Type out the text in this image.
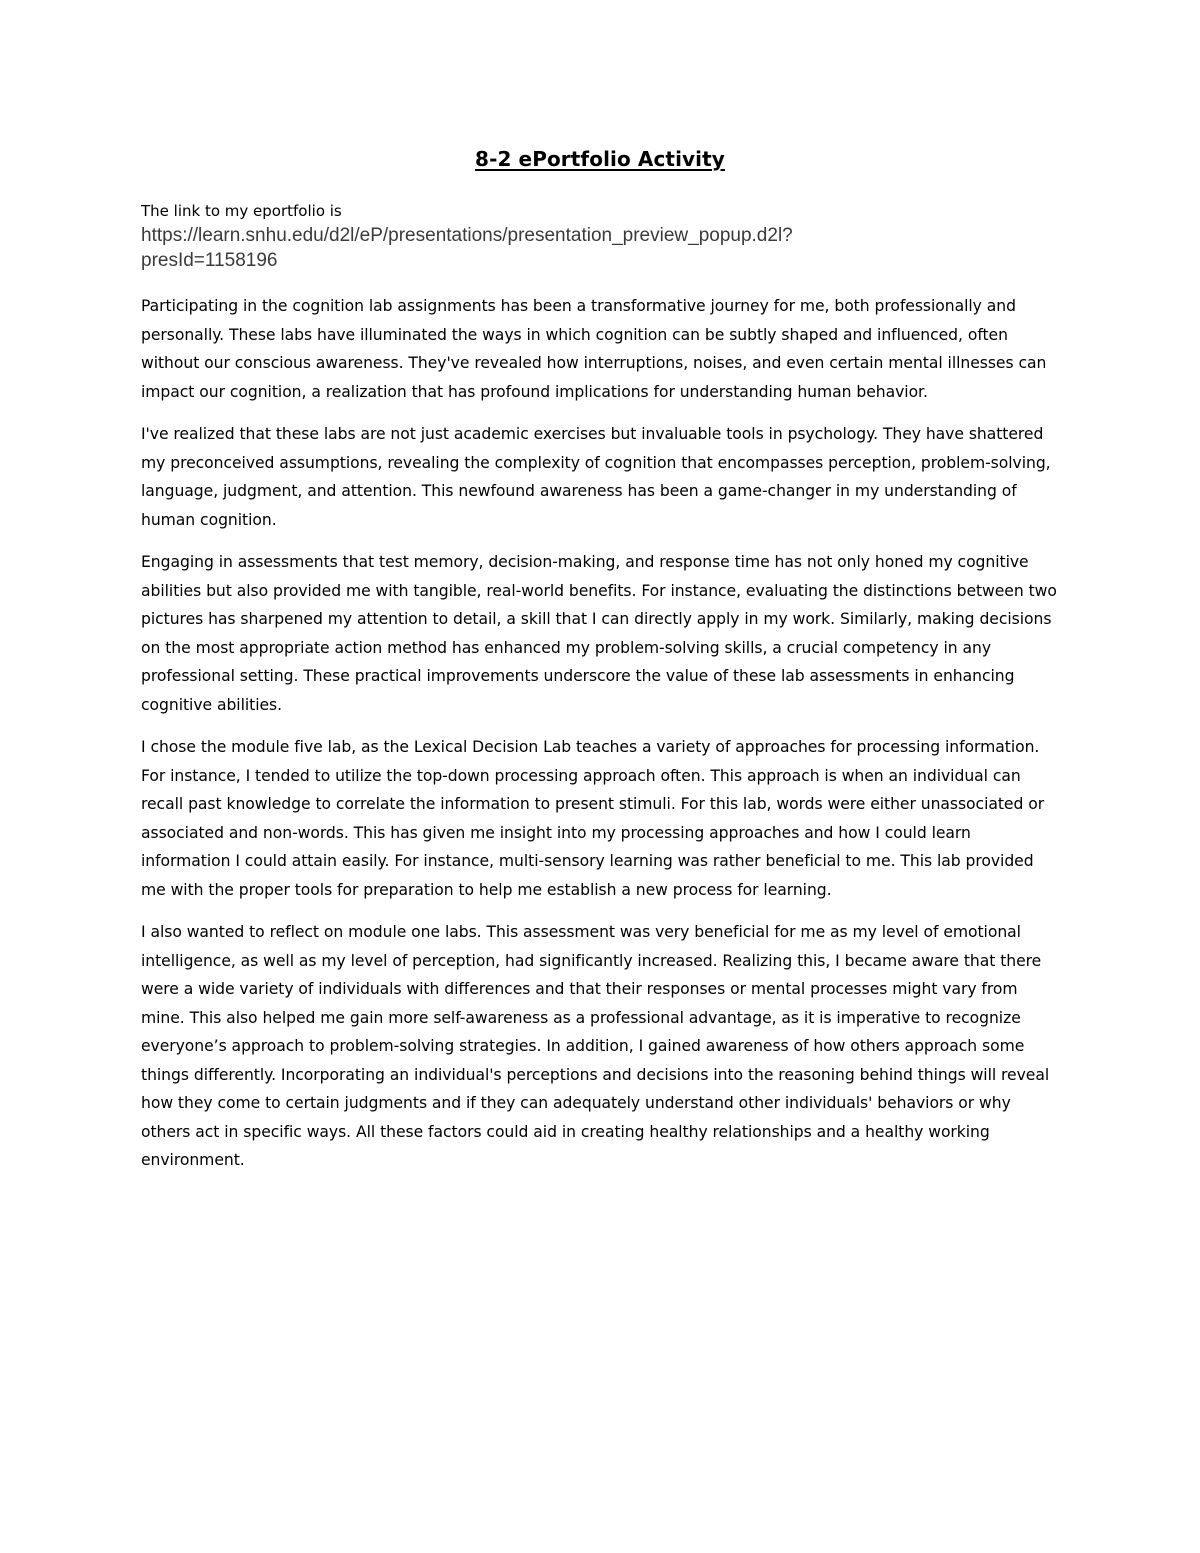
8-2 ePortfolio Activity
The link to my eportfolio is
https://learn.snhu.edu/d2l/eP/presentations/presentation_preview_popup.d2l?
presId=1158196

Participating in the cognition lab assignments has been a transformative journey for me, both professionally and personally. These labs have illuminated the ways in which cognition can be subtly shaped and influenced, often without our conscious awareness. They've revealed how interruptions, noises, and even certain mental illnesses can impact our cognition, a realization that has profound implications for understanding human behavior.

I've realized that these labs are not just academic exercises but invaluable tools in psychology. They have shattered my preconceived assumptions, revealing the complexity of cognition that encompasses perception, problem-solving, language, judgment, and attention. This newfound awareness has been a game-changer in my understanding of human cognition.

Engaging in assessments that test memory, decision-making, and response time has not only honed my cognitive abilities but also provided me with tangible, real-world benefits. For instance, evaluating the distinctions between two pictures has sharpened my attention to detail, a skill that I can directly apply in my work. Similarly, making decisions on the most appropriate action method has enhanced my problem-solving skills, a crucial competency in any professional setting. These practical improvements underscore the value of these lab assessments in enhancing cognitive abilities.

I chose the module five lab, as the Lexical Decision Lab teaches a variety of approaches for processing information. For instance, I tended to utilize the top-down processing approach often. This approach is when an individual can recall past knowledge to correlate the information to present stimuli. For this lab, words were either unassociated or associated and non-words. This has given me insight into my processing approaches and how I could learn information I could attain easily. For instance, multi-sensory learning was rather beneficial to me. This lab provided me with the proper tools for preparation to help me establish a new process for learning.

I also wanted to reflect on module one labs. This assessment was very beneficial for me as my level of emotional intelligence, as well as my level of perception, had significantly increased. Realizing this, I became aware that there were a wide variety of individuals with differences and that their responses or mental processes might vary from mine. This also helped me gain more self-awareness as a professional advantage, as it is imperative to recognize everyone’s approach to problem-solving strategies. In addition, I gained awareness of how others approach some things differently. Incorporating an individual's perceptions and decisions into the reasoning behind things will reveal how they come to certain judgments and if they can adequately understand other individuals' behaviors or why others act in specific ways. All these factors could aid in creating healthy relationships and a healthy working environment.
